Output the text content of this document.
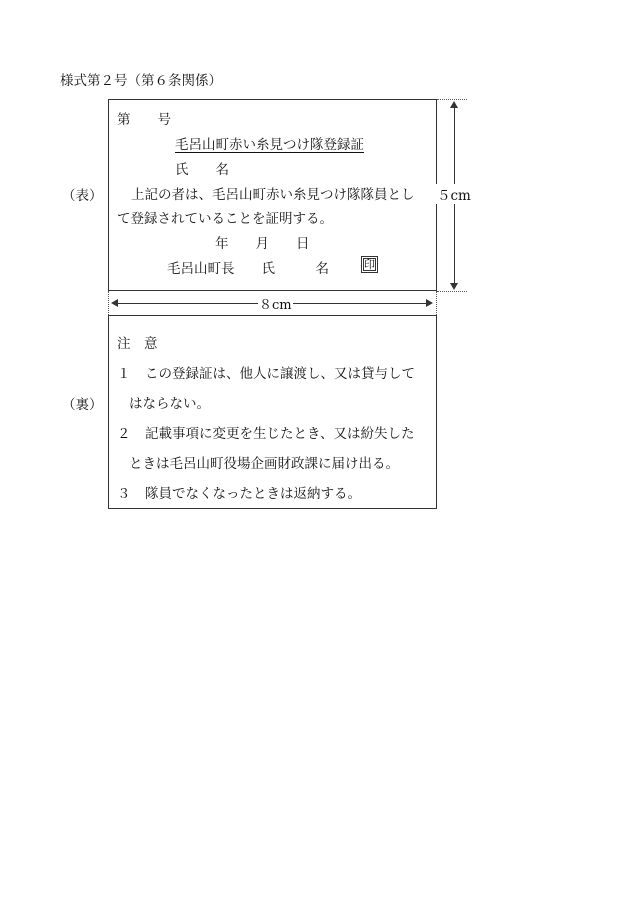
様式第２号（第６条関係）
（表）
第　　号
毛呂山町赤い糸見つけ隊登録証
氏　　名
上記の者は、毛呂山町赤い糸見つけ隊隊員とし
て登録されていることを証明する。
年　　月　　日
毛呂山町長　　氏　　　名	印
５cm
８cm
（裏）
注　意
１ この登録証は、他人に譲渡し、又は貸与して
はならない。
２ 記載事項に変更を生じたとき、又は紛失した
ときは毛呂山町役場企画財政課に届け出る。
３ 隊員でなくなったときは返納する。
